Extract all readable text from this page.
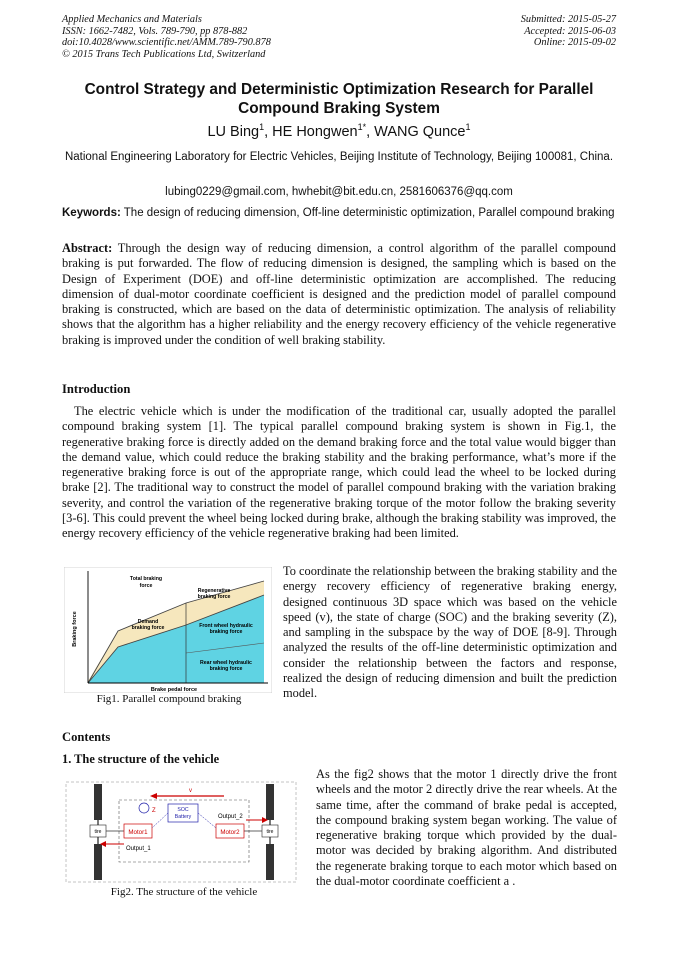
Applied Mechanics and Materials
ISSN: 1662-7482, Vols. 789-790, pp 878-882
doi:10.4028/www.scientific.net/AMM.789-790.878
© 2015 Trans Tech Publications Ltd, Switzerland
Submitted: 2015-05-27
Accepted: 2015-06-03
Online: 2015-09-02
Control Strategy and Deterministic Optimization Research for Parallel Compound Braking System
LU Bing$^1$, HE Hongwen$^{1*}$, WANG Qunce$^1$
National Engineering Laboratory for Electric Vehicles, Beijing Institute of Technology, Beijing 100081, China.
lubing0229@gmail.com, hwhebit@bit.edu.cn, 2581606376@qq.com
Keywords: The design of reducing dimension, Off-line deterministic optimization, Parallel compound braking
Abstract: Through the design way of reducing dimension, a control algorithm of the parallel compound braking is put forwarded. The flow of reducing dimension is designed, the sampling which is based on the Design of Experiment (DOE) and off-line deterministic optimization are accomplished. The reducing dimension of dual-motor coordinate coefficient is designed and the prediction model of parallel compound braking is constructed, which are based on the data of deterministic optimization. The analysis of reliability shows that the algorithm has a higher reliability and the energy recovery efficiency of the vehicle regenerative braking is improved under the condition of well braking stability.
Introduction
The electric vehicle which is under the modification of the traditional car, usually adopted the parallel compound braking system [1]. The typical parallel compound braking system is shown in Fig.1, the regenerative braking force is directly added on the demand braking force and the total value would bigger than the demand value, which could reduce the braking stability and the braking performance, what’s more if the regenerative braking force is out of the appropriate range, which could lead the wheel to be locked during brake [2]. The traditional way to construct the model of parallel compound braking with the variation braking severity, and control the variation of the regenerative braking torque of the motor follow the braking severity [3-6]. This could prevent the wheel being locked during brake, although the braking stability was improved, the energy recovery efficiency of the vehicle regenerative braking had been limited.
Braking force
Brake pedal force
Total braking
force
Regenerative
braking force
Demand
braking force	Front wheel hydraulic
braking force
Rear wheel hydraulic
braking force
Fig1. Parallel compound braking
To coordinate the relationship between the braking stability and the energy recovery efficiency of regenerative braking energy, designed continuous 3D space which was based on the vehicle speed (v), the state of charge (SOC) and the braking severity (Z), and sampling in the subspace by the way of DOE [8-9]. Through analyzed the results of the off-line deterministic optimization and consider the relationship between the factors and response, realized the design of reducing dimension and built the prediction model.
Contents
1. The structure of the vehicle
tire	tire
Motor1	Motor2
SOC
Battery
v
Z
Output_1
Output_2
Fig2. The structure of the vehicle
As the fig2 shows that the motor 1 directly drive the front wheels and the motor 2 directly drive the rear wheels. At the same time, after the command of brake pedal is accepted, the compound braking system began working. The value of regenerative braking torque which provided by the dual-motor was decided by braking algorithm. And distributed the regenerate braking torque to each motor which based on the dual-motor coordinate coefficient a .
